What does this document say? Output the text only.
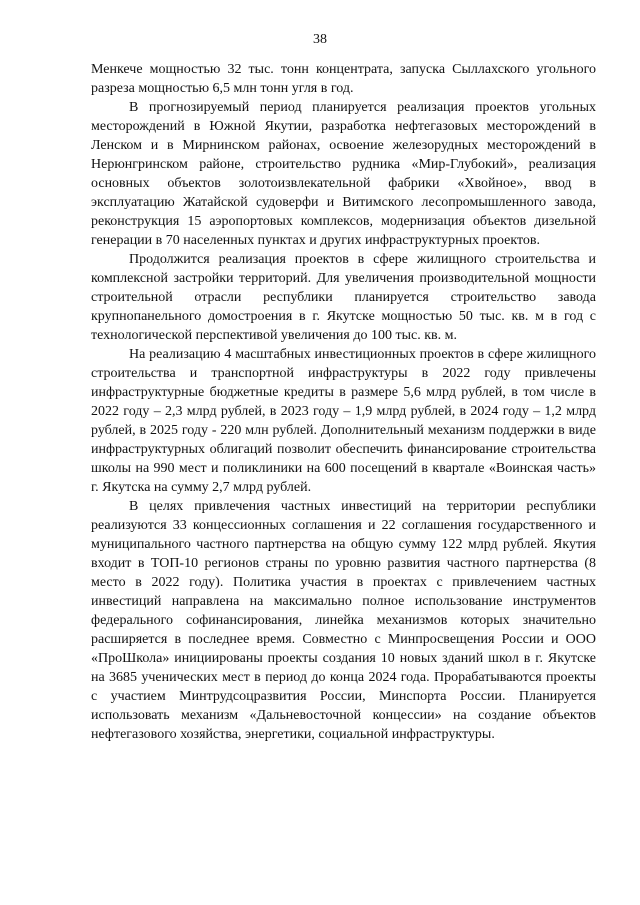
38

Менкече мощностью 32 тыс. тонн концентрата, запуска Сыллахского угольного разреза мощностью 6,5 млн тонн угля в год.

В прогнозируемый период планируется реализация проектов угольных месторождений в Южной Якутии, разработка нефтегазовых месторождений в Ленском и в Мирнинском районах, освоение железорудных месторождений в Нерюнгринском районе, строительство рудника «Мир-Глубокий», реализация основных объектов золотоизвлекательной фабрики «Хвойное», ввод в эксплуатацию Жатайской судоверфи и Витимского лесопромышленного завода, реконструкция 15 аэропортовых комплексов, модернизация объектов дизельной генерации в 70 населенных пунктах и других инфраструктурных проектов.

Продолжится реализация проектов в сфере жилищного строительства и комплексной застройки территорий. Для увеличения производительной мощности строительной отрасли республики планируется строительство завода крупнопанельного домостроения в г. Якутске мощностью 50 тыс. кв. м в год с технологической перспективой увеличения до 100 тыс. кв. м.

На реализацию 4 масштабных инвестиционных проектов в сфере жилищного строительства и транспортной инфраструктуры в 2022 году привлечены инфраструктурные бюджетные кредиты в размере 5,6 млрд рублей, в том числе в 2022 году – 2,3 млрд рублей, в 2023 году – 1,9 млрд рублей, в 2024 году – 1,2 млрд рублей, в 2025 году - 220 млн рублей. Дополнительный механизм поддержки в виде инфраструктурных облигаций позволит обеспечить финансирование строительства школы на 990 мест и поликлиники на 600 посещений в квартале «Воинская часть» г. Якутска на сумму 2,7 млрд рублей.

В целях привлечения частных инвестиций на территории республики реализуются 33 концессионных соглашения и 22 соглашения государственного и муниципального частного партнерства на общую сумму 122 млрд рублей. Якутия входит в ТОП-10 регионов страны по уровню развития частного партнерства (8 место в 2022 году). Политика участия в проектах с привлечением частных инвестиций направлена на максимально полное использование инструментов федерального софинансирования, линейка механизмов которых значительно расширяется в последнее время. Совместно с Минпросвещения России и ООО «ПроШкола» инициированы проекты создания 10 новых зданий школ в г. Якутске на 3685 ученических мест в период до конца 2024 года. Прорабатываются проекты с участием Минтрудсоцразвития России, Минспорта России. Планируется использовать механизм «Дальневосточной концессии» на создание объектов нефтегазового хозяйства, энергетики, социальной инфраструктуры.
